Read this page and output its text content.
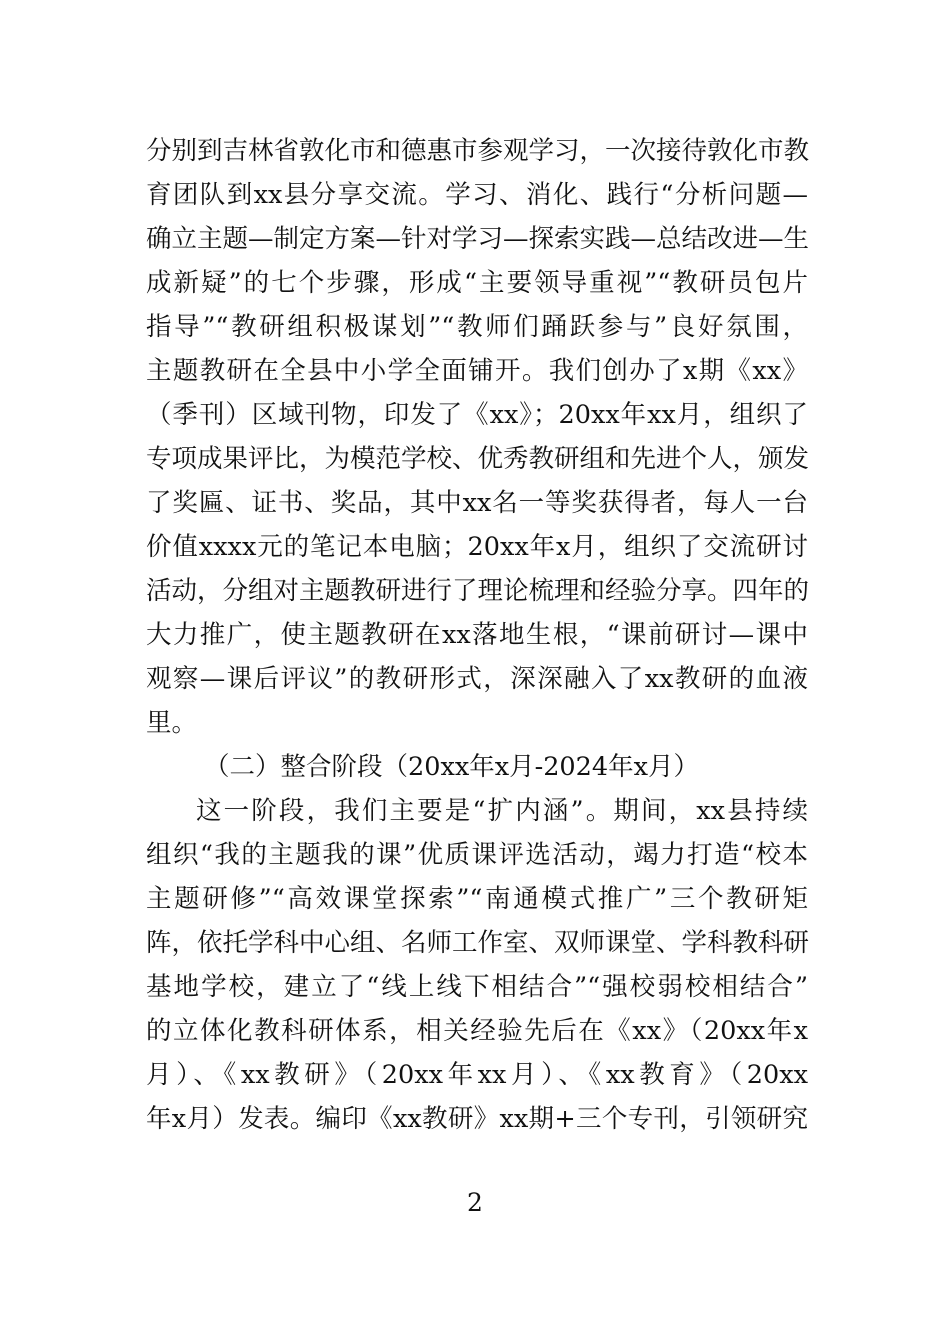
分别到吉林省敦化市和德惠市参观学习，一次接待敦化市教
育团队到xx县分享交流。学习、消化、践行“分析问题—
确立主题—制定方案—针对学习—探索实践—总结改进—生
成新疑”的七个步骤，形成“主要领导重视”“教研员包片
指导”“教研组积极谋划”“教师们踊跃参与”良好氛围，
主题教研在全县中小学全面铺开。我们创办了x期《xx》
（季刊）区域刊物，印发了《xx》；20xx年xx月，组织了
专项成果评比，为模范学校、优秀教研组和先进个人，颁发
了奖匾、证书、奖品，其中xx名一等奖获得者，每人一台
价值xxxx元的笔记本电脑；20xx年x月，组织了交流研讨
活动，分组对主题教研进行了理论梳理和经验分享。四年的
大力推广，使主题教研在xx落地生根，“课前研讨—课中
观察—课后评议”的教研形式，深深融入了xx教研的血液
里。
（二）整合阶段（20xx年x月-2024年x月）
这一阶段，我们主要是“扩内涵”。期间，xx县持续
组织“我的主题我的课”优质课评选活动，竭力打造“校本
主题研修”“高效课堂探索”“南通模式推广”三个教研矩
阵，依托学科中心组、名师工作室、双师课堂、学科教科研
基地学校，建立了“线上线下相结合”“强校弱校相结合”
的立体化教科研体系，相关经验先后在《xx》（20xx年x
月）、《xx教研》（20xx年xx月）、《xx教育》（20xx
年x月）发表。编印《xx教研》xx期+三个专刊，引领研究
2
